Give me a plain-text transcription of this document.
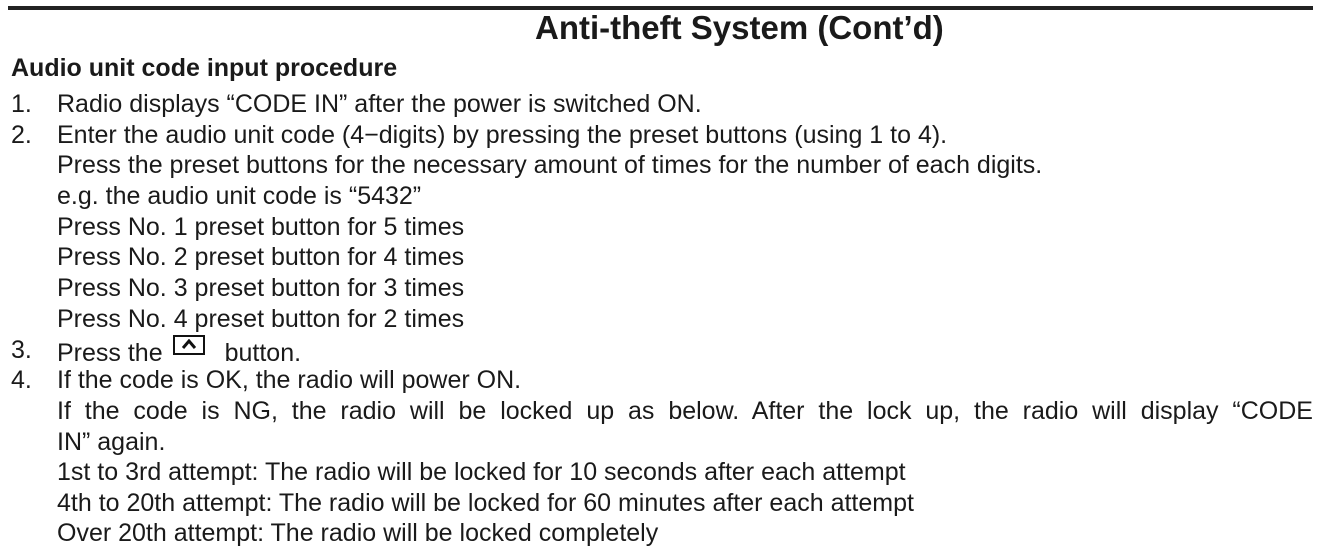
Anti-theft System (Cont’d)
Audio unit code input procedure
1. Radio displays “CODE IN” after the power is switched ON.
2. Enter the audio unit code (4−digits) by pressing the preset buttons (using 1 to 4).
Press the preset buttons for the necessary amount of times for the number of each digits.
e.g. the audio unit code is “5432”
Press No. 1 preset button for 5 times
Press No. 2 preset button for 4 times
Press No. 3 preset button for 3 times
Press No. 4 preset button for 2 times
3. Press the button.
4. If the code is OK, the radio will power ON.
If the code is NG, the radio will be locked up as below. After the lock up, the radio will display “CODE
IN” again.
1st to 3rd attempt: The radio will be locked for 10 seconds after each attempt
4th to 20th attempt: The radio will be locked for 60 minutes after each attempt
Over 20th attempt: The radio will be locked completely
